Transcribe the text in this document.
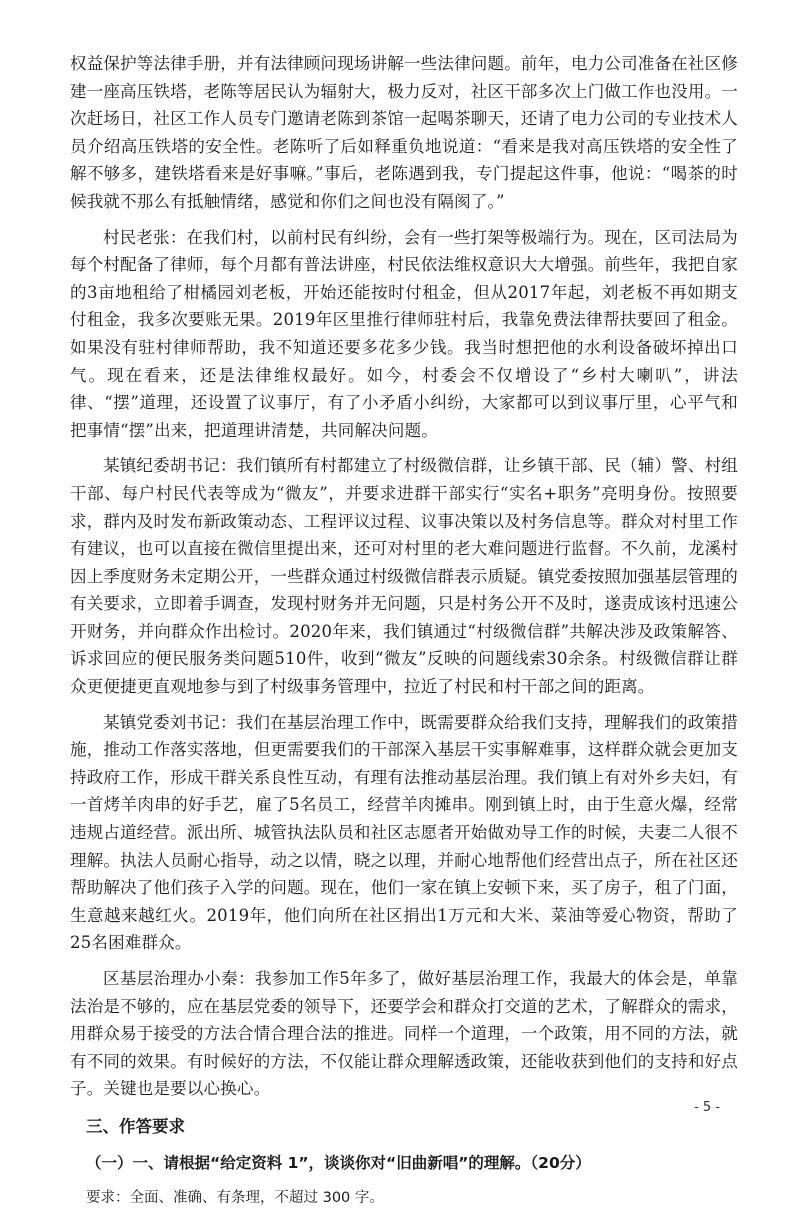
权益保护等法律手册，并有法律顾问现场讲解一些法律问题。前年，电力公司准备在社区修建一座高压铁塔，老陈等居民认为辐射大，极力反对，社区干部多次上门做工作也没用。一次赶场日，社区工作人员专门邀请老陈到茶馆一起喝茶聊天，还请了电力公司的专业技术人员介绍高压铁塔的安全性。老陈听了后如释重负地说道：“看来是我对高压铁塔的安全性了解不够多，建铁塔看来是好事嘛。”事后，老陈遇到我，专门提起这件事，他说：“喝茶的时候我就不那么有抵触情绪，感觉和你们之间也没有隔阂了。”

村民老张：在我们村，以前村民有纠纷，会有一些打架等极端行为。现在，区司法局为每个村配备了律师，每个月都有普法讲座，村民依法维权意识大大增强。前些年，我把自家的3亩地租给了柑橘园刘老板，开始还能按时付租金，但从2017年起，刘老板不再如期支付租金，我多次要账无果。2019年区里推行律师驻村后，我靠免费法律帮扶要回了租金。如果没有驻村律师帮助，我不知道还要多花多少钱。我当时想把他的水利设备破坏掉出口气。现在看来，还是法律维权最好。如今，村委会不仅增设了“乡村大喇叭”，讲法律、“摆”道理，还设置了议事厅，有了小矛盾小纠纷，大家都可以到议事厅里，心平气和把事情“摆”出来，把道理讲清楚，共同解决问题。

某镇纪委胡书记：我们镇所有村都建立了村级微信群，让乡镇干部、民（辅）警、村组干部、每户村民代表等成为“微友”，并要求进群干部实行“实名+职务”亮明身份。按照要求，群内及时发布新政策动态、工程评议过程、议事决策以及村务信息等。群众对村里工作有建议，也可以直接在微信里提出来，还可对村里的老大难问题进行监督。不久前，龙溪村因上季度财务未定期公开，一些群众通过村级微信群表示质疑。镇党委按照加强基层管理的有关要求，立即着手调查，发现村财务并无问题，只是村务公开不及时，遂责成该村迅速公开财务，并向群众作出检讨。2020年来，我们镇通过“村级微信群”共解决涉及政策解答、诉求回应的便民服务类问题510件，收到“微友”反映的问题线索30余条。村级微信群让群众更便捷更直观地参与到了村级事务管理中，拉近了村民和村干部之间的距离。

某镇党委刘书记：我们在基层治理工作中，既需要群众给我们支持，理解我们的政策措施，推动工作落实落地，但更需要我们的干部深入基层干实事解难事，这样群众就会更加支持政府工作，形成干群关系良性互动，有理有法推动基层治理。我们镇上有对外乡夫妇，有一首烤羊肉串的好手艺，雇了5名员工，经营羊肉摊串。刚到镇上时，由于生意火爆，经常违规占道经营。派出所、城管执法队员和社区志愿者开始做劝导工作的时候，夫妻二人很不理解。执法人员耐心指导，动之以情，晓之以理，并耐心地帮他们经营出点子，所在社区还帮助解决了他们孩子入学的问题。现在，他们一家在镇上安顿下来，买了房子，租了门面，生意越来越红火。2019年，他们向所在社区捐出1万元和大米、菜油等爱心物资，帮助了25名困难群众。

区基层治理办小秦：我参加工作5年多了，做好基层治理工作，我最大的体会是，单靠法治是不够的，应在基层党委的领导下，还要学会和群众打交道的艺术，了解群众的需求，用群众易于接受的方法合情合理合法的推进。同样一个道理，一个政策，用不同的方法，就有不同的效果。有时候好的方法，不仅能让群众理解透政策，还能收获到他们的支持和好点子。关键也是要以心换心。

三、作答要求
（一）一、请根据“给定资料 1”，谈谈你对“旧曲新唱”的理解。（20分）
要求：全面、准确、有条理，不超过 300 字。
- 5 -
